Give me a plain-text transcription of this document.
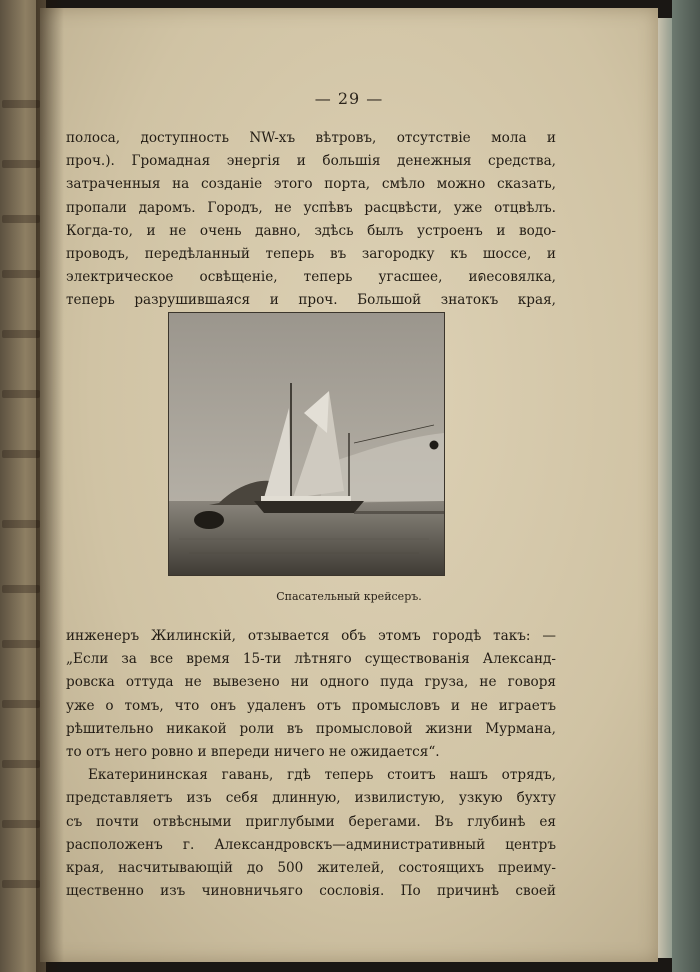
— 29 —
полоса, доступность NW-хъ вѣтровъ, отсутствіе мола и
проч.). Громадная энергія и большія денежныя средства,
затраченныя на созданіе этого порта, смѣло можно сказать,
пропали даромъ. Городъ, не успѣвъ расцвѣсти, уже отцвѣлъ.
Когда-то, и не очень давно, здѣсь былъ устроенъ и водо-
проводъ, передѣланный теперь въ загородку къ шоссе, и
электрическое освѣщеніе, теперь угасшее, иดесовялка,
теперь разрушившаяся и проч. Большой знатокъ края,
Спасательный крейсеръ.
инженеръ Жилинскій, отзывается объ этомъ городѣ такъ: —
„Если за все время 15-ти лѣтняго существованія Александ-
ровска оттуда не вывезено ни одного пуда груза, не говоря
уже о томъ, что онъ удаленъ отъ промысловъ и не играетъ
рѣшительно никакой роли въ промысловой жизни Мурмана,
то отъ него ровно и впереди ничего не ожидается“.
Екатерининская гавань, гдѣ теперь стоитъ нашъ отрядъ,
представляетъ изъ себя длинную, извилистую, узкую бухту
съ почти отвѣсными приглубыми берегами. Въ глубинѣ ея
расположенъ г. Александровскъ—административный центръ
края, насчитывающій до 500 жителей, состоящихъ преиму-
щественно изъ чиновничьяго сословія. По причинѣ своей
